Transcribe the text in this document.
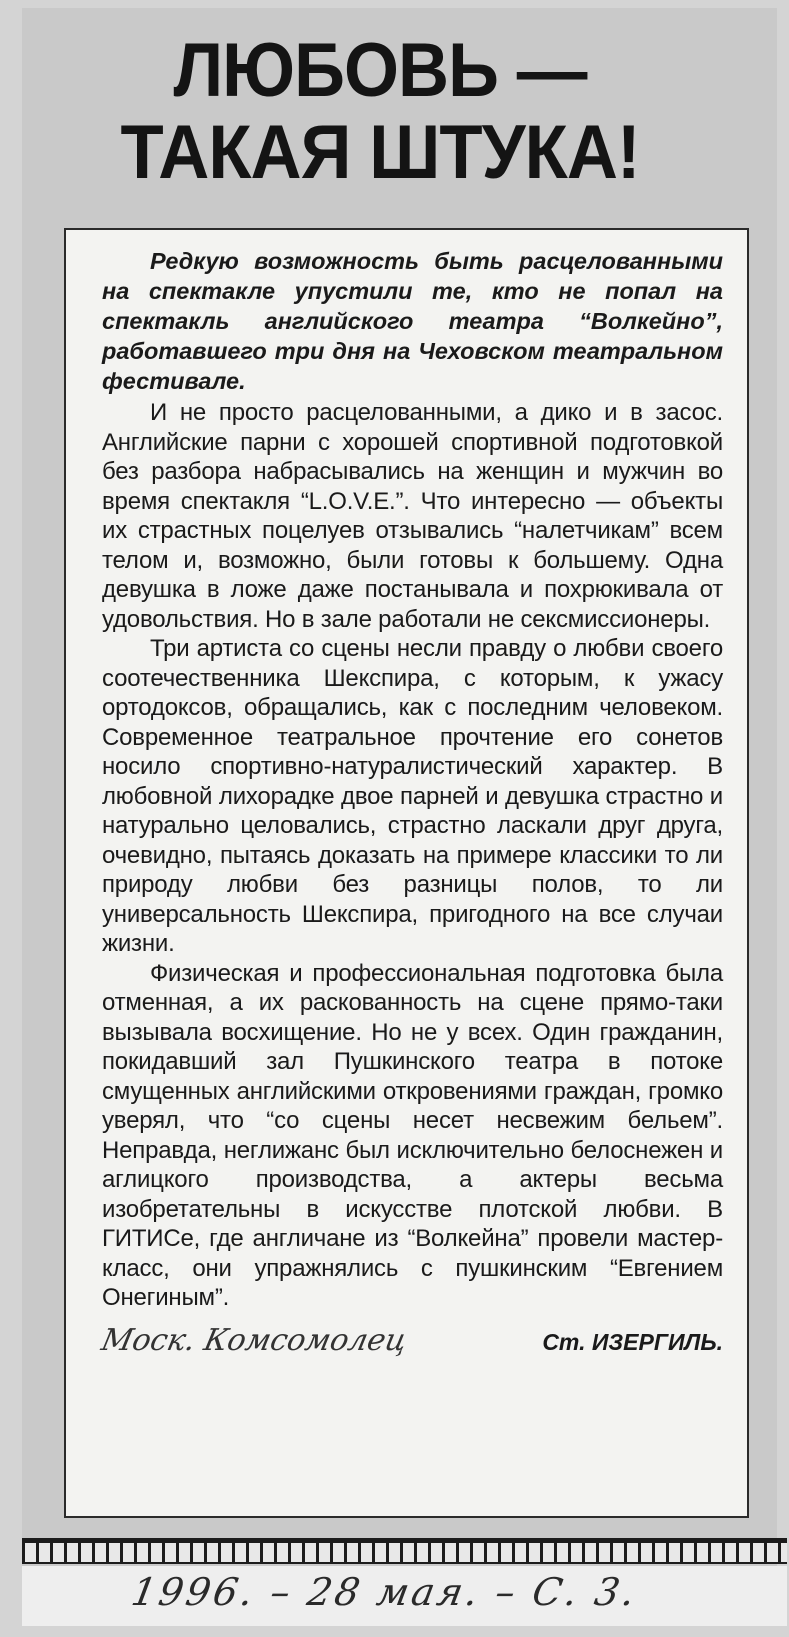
ЛЮБОВЬ — ТАКАЯ ШТУКА!

Редкую возможность быть расцелованными на спектакле упустили те, кто не попал на спектакль английского театра “Волкейно”, работавшего три дня на Чеховском театральном фестивале.

И не просто расцелованными, а дико и в засос. Английские парни с хорошей спортивной подготовкой без разбора набрасывались на женщин и мужчин во время спектакля “L.O.V.E.”. Что интересно — объекты их страстных поцелуев отзывались “налетчикам” всем телом и, возможно, были готовы к большему. Одна девушка в ложе даже постанывала и похрюкивала от удовольствия. Но в зале работали не сексмиссионеры.

Три артиста со сцены несли правду о любви своего соотечественника Шекспира, с которым, к ужасу ортодоксов, обращались, как с последним человеком. Современное театральное прочтение его сонетов носило спортивно-натуралистический характер. В любовной лихорадке двое парней и девушка страстно и натурально целовались, страстно ласкали друг друга, очевидно, пытаясь доказать на примере классики то ли природу любви без разницы полов, то ли универсальность Шекспира, пригодного на все случаи жизни.

Физическая и профессиональная подготовка была отменная, а их раскованность на сцене прямо-таки вызывала восхищение. Но не у всех. Один гражданин, покидавший зал Пушкинского театра в потоке смущенных английскими откровениями граждан, громко уверял, что “со сцены несет несвежим бельем”. Неправда, неглижанс был исключительно белоснежен и аглицкого производства, а актеры весьма изобретательны в искусстве плотской любви. В ГИТИСе, где англичане из “Волкейна” провели мастер-класс, они упражнялись с пушкинским “Евгением Онегиным”.

Моск. Комсомолец	Ст. ИЗЕРГИЛЬ.
1996. – 28 мая. – С. 3.
